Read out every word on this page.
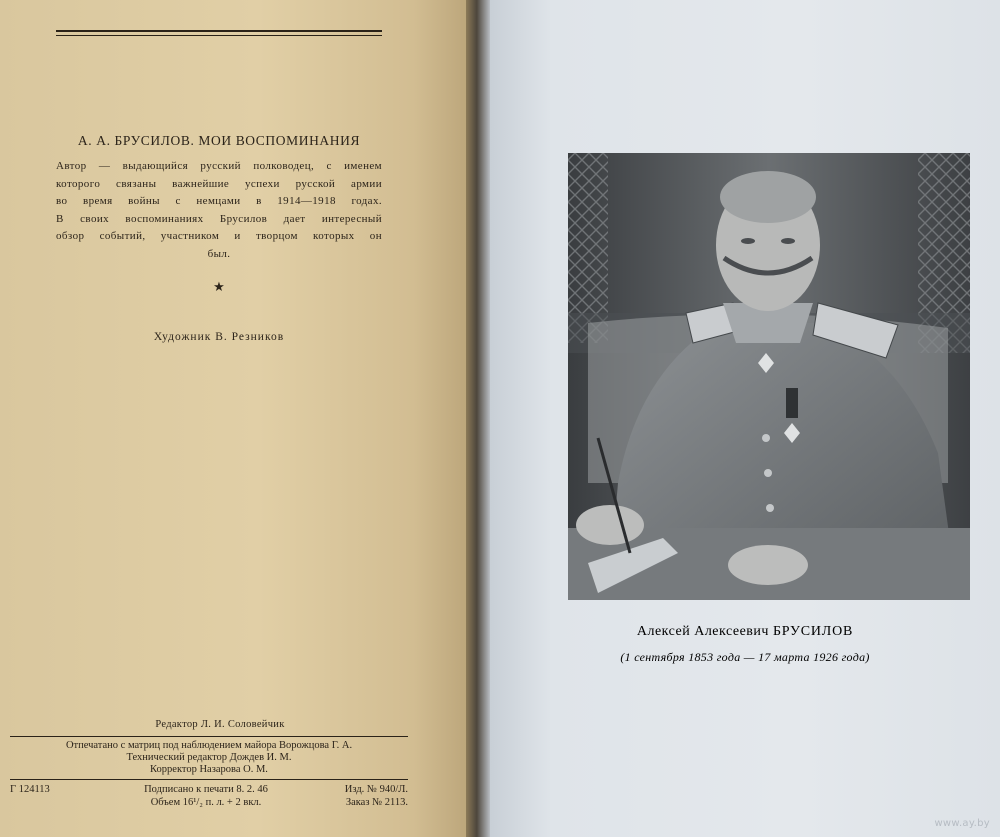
А. А. БРУСИЛОВ. МОИ ВОСПОМИНАНИЯ
Автор — выдающийся русский полководец, с именем
которого связаны важнейшие успехи русской армии
во время войны с немцами в 1914—1918 годах.
В своих воспоминаниях Брусилов дает интересный
обзор событий, участником и творцом которых он
был.
★
Художник В. Резников
Редактор Л. И. Соловейчик
Отпечатано с матриц под наблюдением майора Ворожцова Г. А.
Технический редактор Дождев И. М.
Корректор Назарова О. М.
Г 124113	Подписано к печати 8. 2. 46
Объем 16¹/₂ п. л. + 2 вкл.
Изд. № 940/Л.
Заказ № 2113.
Алексей Алексеевич БРУСИЛОВ
(1 сентября 1853 года — 17 марта 1926 года)
www.ay.by
